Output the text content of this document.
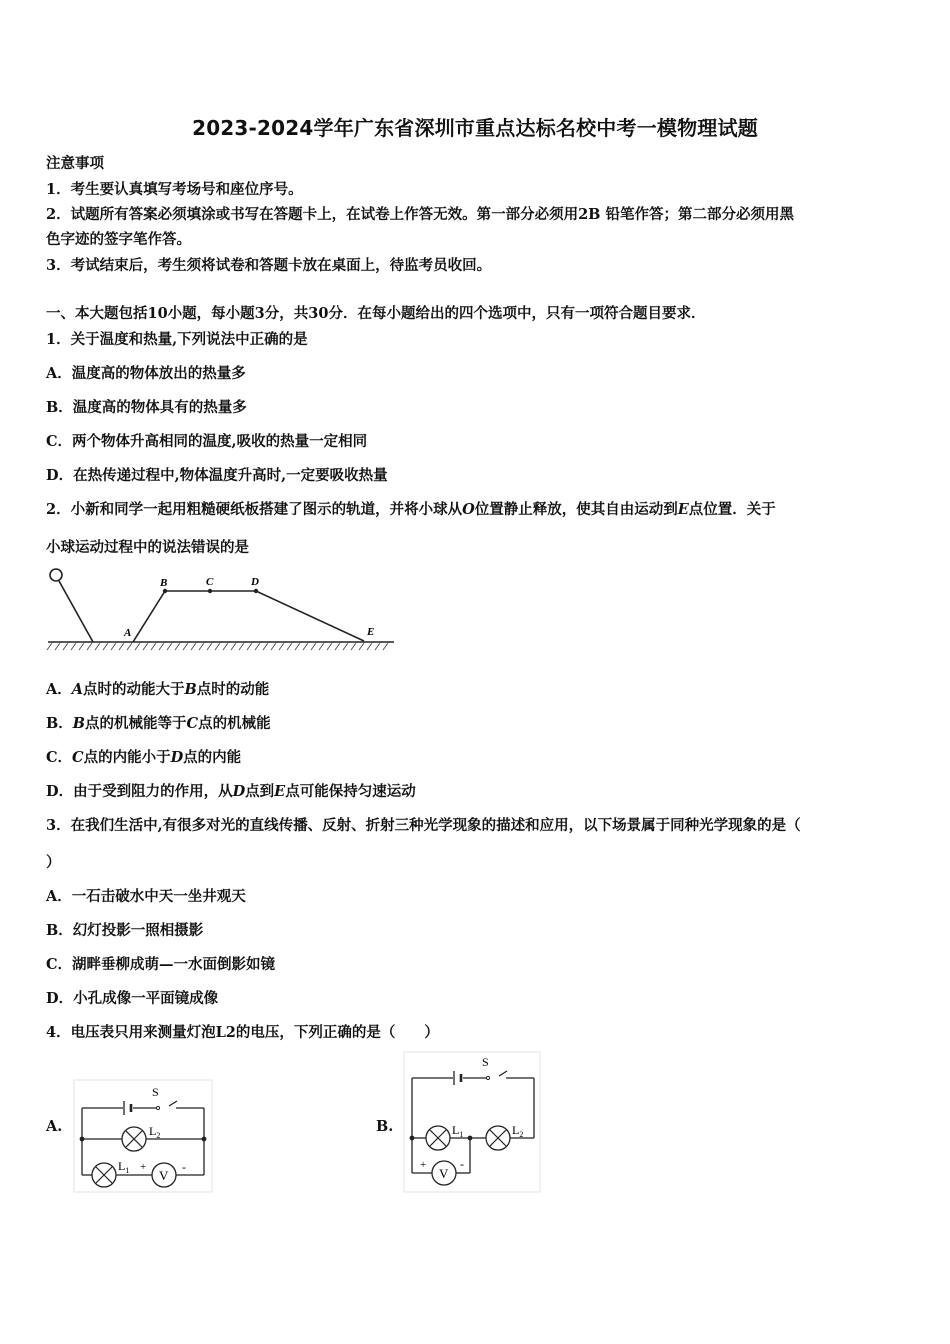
2023-2024学年广东省深圳市重点达标名校中考一模物理试题
注意事项
1．考生要认真填写考场号和座位序号。
2．试题所有答案必须填涂或书写在答题卡上，在试卷上作答无效。第一部分必须用2B 铅笔作答；第二部分必须用黑
色字迹的签字笔作答。
3．考试结束后，考生须将试卷和答题卡放在桌面上，待监考员收回。
一、本大题包括10小题，每小题3分，共30分．在每小题给出的四个选项中，只有一项符合题目要求．
1．关于温度和热量,下列说法中正确的是
A．温度高的物体放出的热量多
B．温度高的物体具有的热量多
C．两个物体升高相同的温度,吸收的热量一定相同
D．在热传递过程中,物体温度升高时,一定要吸收热量
2．小新和同学一起用粗糙硬纸板搭建了图示的轨道，并将小球从O位置静止释放，使其自由运动到E点位置．关于
小球运动过程中的说法错误的是
A
B	C	D
E
A．A点时的动能大于B点时的动能
B．B点的机械能等于C点的机械能
C．C点的内能小于D点的内能
D．由于受到阻力的作用，从D点到E点可能保持匀速运动
3．在我们生活中,有很多对光的直线传播、反射、折射三种光学现象的描述和应用，以下场景属于同种光学现象的是（
）
A．一石击破水中天一坐井观天
B．幻灯投影一照相摄影
C．湖畔垂柳成萌—一水面倒影如镜
D．小孔成像一平面镜成像
4．电压表只用来测量灯泡L2的电压，下列正确的是（　　）
A.	B.
S
$L_2$
$L_1$ +
V
-
S
$L_1$	$L_2$
+
V
-
